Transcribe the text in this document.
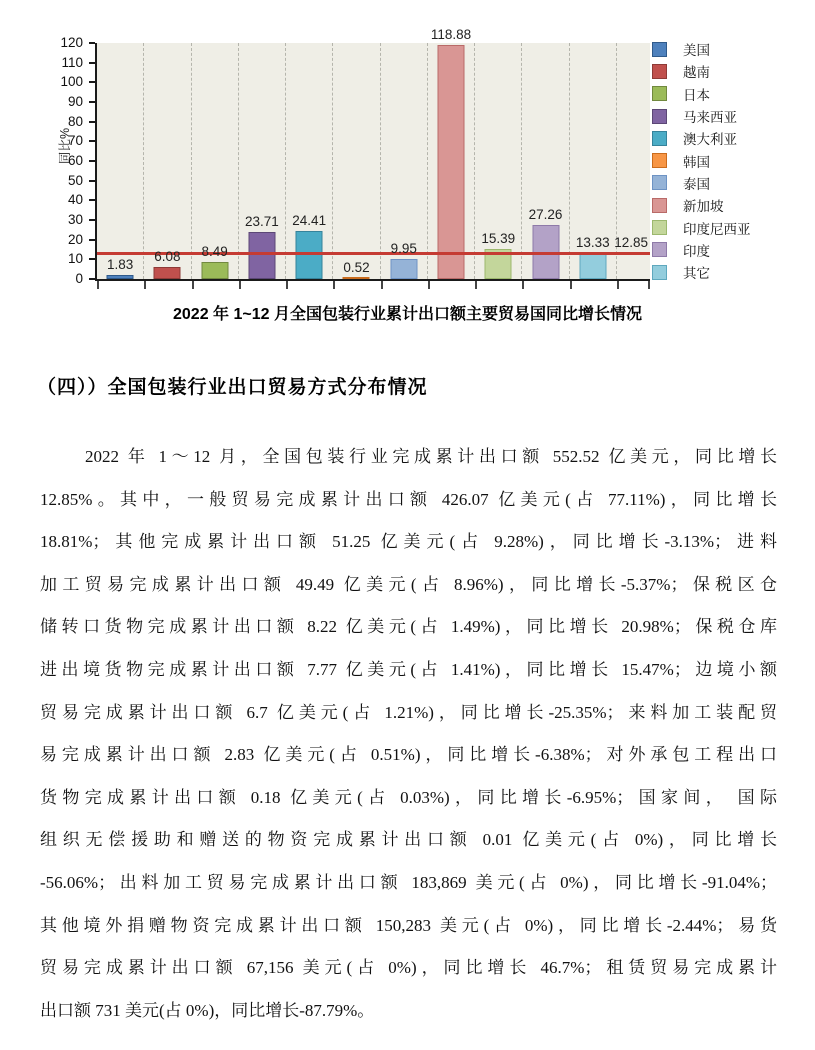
同比%
0
10
20
30
40
50
60
70
80
90
100
110
120
1.83
6.08 8.49
23.71 24.41
0.52
9.95
118.88
15.39
27.26
13.33 12.85
美国
越南
日本
马来西亚
澳大利亚
韩国
泰国
新加坡
印度尼西亚
印度
其它
2022 年 1~12 月全国包装行业累计出口额主要贸易国同比增长情况
（四））全国包装行业出口贸易方式分布情况
2022 年 1～12 月，全国包装行业完成累计出口额 552.52 亿美元，同比增长
12.85%。其中，一般贸易完成累计出口额 426.07 亿美元(占 77.11%)，同比增长
18.81%；其他完成累计出口额 51.25 亿美元(占 9.28%)，同比增长-3.13%；进料
加工贸易完成累计出口额 49.49 亿美元(占 8.96%)，同比增长-5.37%；保税区仓
储转口货物完成累计出口额 8.22 亿美元(占 1.49%)，同比增长 20.98%；保税仓库
进出境货物完成累计出口额 7.77 亿美元(占 1.41%)，同比增长 15.47%；边境小额
贸易完成累计出口额 6.7 亿美元(占 1.21%)，同比增长-25.35%；来料加工装配贸
易完成累计出口额 2.83 亿美元(占 0.51%)，同比增长-6.38%；对外承包工程出口
货物完成累计出口额 0.18 亿美元(占 0.03%)，同比增长-6.95%；国家间， 国际
组织无偿援助和赠送的物资完成累计出口额 0.01 亿美元(占 0%)，同比增长
-56.06%；出料加工贸易完成累计出口额 183,869 美元(占 0%)，同比增长-91.04%；
其他境外捐赠物资完成累计出口额 150,283 美元(占 0%)，同比增长-2.44%；易货
贸易完成累计出口额 67,156 美元(占 0%)，同比增长 46.7%；租赁贸易完成累计
出口额 731 美元(占 0%)，同比增长-87.79%。
